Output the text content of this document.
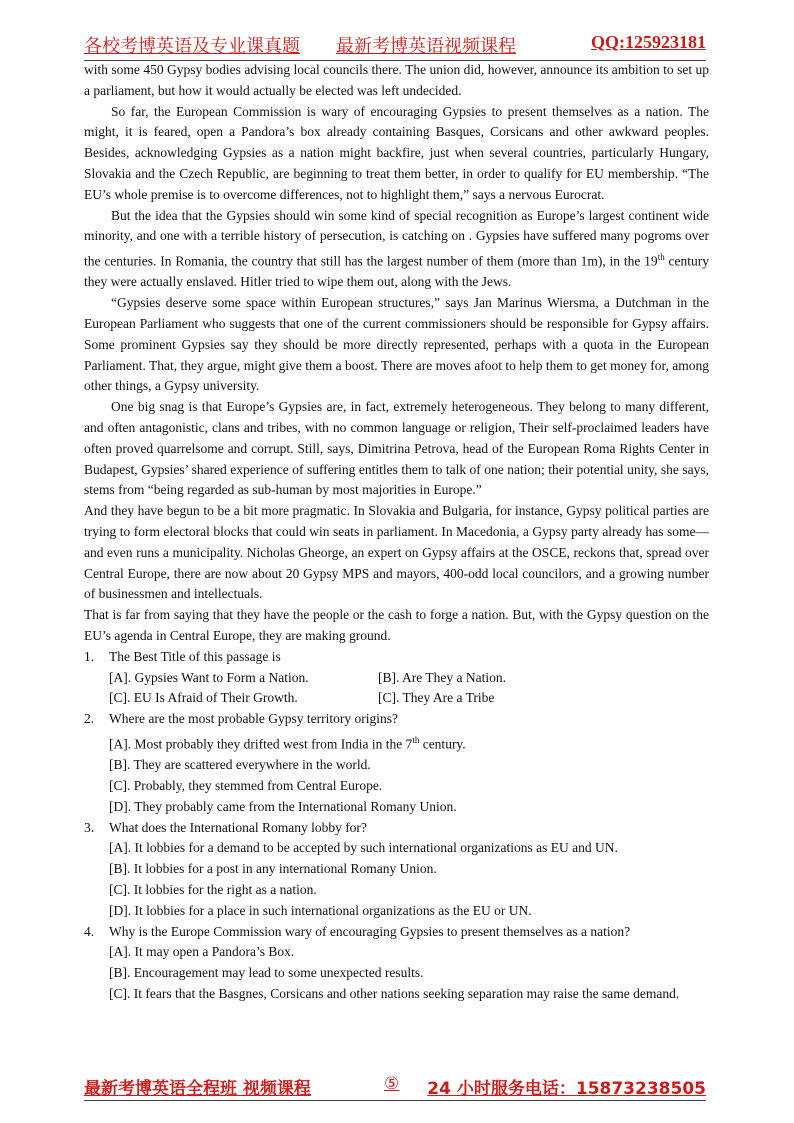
各校考博英语及专业课真题 最新考博英语视频课程	QQ:125923181

with some 450 Gypsy bodies advising local councils there. The union did, however, announce its ambition to set up a parliament, but how it would actually be elected was left undecided.

So far, the European Commission is wary of encouraging Gypsies to present themselves as a nation. The might, it is feared, open a Pandora’s box already containing Basques, Corsicans and other awkward peoples. Besides, acknowledging Gypsies as a nation might backfire, just when several countries, particularly Hungary, Slovakia and the Czech Republic, are beginning to treat them better, in order to qualify for EU membership. “The EU’s whole premise is to overcome differences, not to highlight them,” says a nervous Eurocrat.

But the idea that the Gypsies should win some kind of special recognition as Europe’s largest continent wide minority, and one with a terrible history of persecution, is catching on . Gypsies have suffered many pogroms over the centuries. In Romania, the country that still has the largest number of them (more than 1m), in the 19th century they were actually enslaved. Hitler tried to wipe them out, along with the Jews.

“Gypsies deserve some space within European structures,” says Jan Marinus Wiersma, a Dutchman in the European Parliament who suggests that one of the current commissioners should be responsible for Gypsy affairs. Some prominent Gypsies say they should be more directly represented, perhaps with a quota in the European Parliament. That, they argue, might give them a boost. There are moves afoot to help them to get money for, among other things, a Gypsy university.

One big snag is that Europe’s Gypsies are, in fact, extremely heterogeneous. They belong to many different, and often antagonistic, clans and tribes, with no common language or religion, Their self-proclaimed leaders have often proved quarrelsome and corrupt. Still, says, Dimitrina Petrova, head of the European Roma Rights Center in Budapest, Gypsies’ shared experience of suffering entitles them to talk of one nation; their potential unity, she says, stems from “being regarded as sub-human by most majorities in Europe.”

And they have begun to be a bit more pragmatic. In Slovakia and Bulgaria, for instance, Gypsy political parties are trying to form electoral blocks that could win seats in parliament. In Macedonia, a Gypsy party already has some—and even runs a municipality. Nicholas Gheorge, an expert on Gypsy affairs at the OSCE, reckons that, spread over Central Europe, there are now about 20 Gypsy MPS and mayors, 400-odd local councilors, and a growing number of businessmen and intellectuals.

That is far from saying that they have the people or the cash to forge a nation. But, with the Gypsy question on the EU’s agenda in Central Europe, they are making ground.

1.	The Best Title of this passage is
[A]. Gypsies Want to Form a Nation.	[B]. Are They a Nation.
[C]. EU Is Afraid of Their Growth.	[C]. They Are a Tribe
2.	Where are the most probable Gypsy territory origins?

[A]. Most probably they drifted west from India in the 7th century.

[B]. They are scattered everywhere in the world.

[C]. Probably, they stemmed from Central Europe.

[D]. They probably came from the International Romany Union.

3.	What does the International Romany lobby for?

[A]. It lobbies for a demand to be accepted by such international organizations as EU and UN.

[B]. It lobbies for a post in any international Romany Union.

[C]. It lobbies for the right as a nation.

[D]. It lobbies for a place in such international organizations as the EU or UN.

4.	Why is the Europe Commission wary of encouraging Gypsies to present themselves as a nation?

[A]. It may open a Pandora’s Box.

[B]. Encouragement may lead to some unexpected results.

[C]. It fears that the Basgnes, Corsicans and other nations seeking separation may raise the same demand.

最新考博英语全程班 视频课程	⑤ 24 小时服务电话：15873238505
